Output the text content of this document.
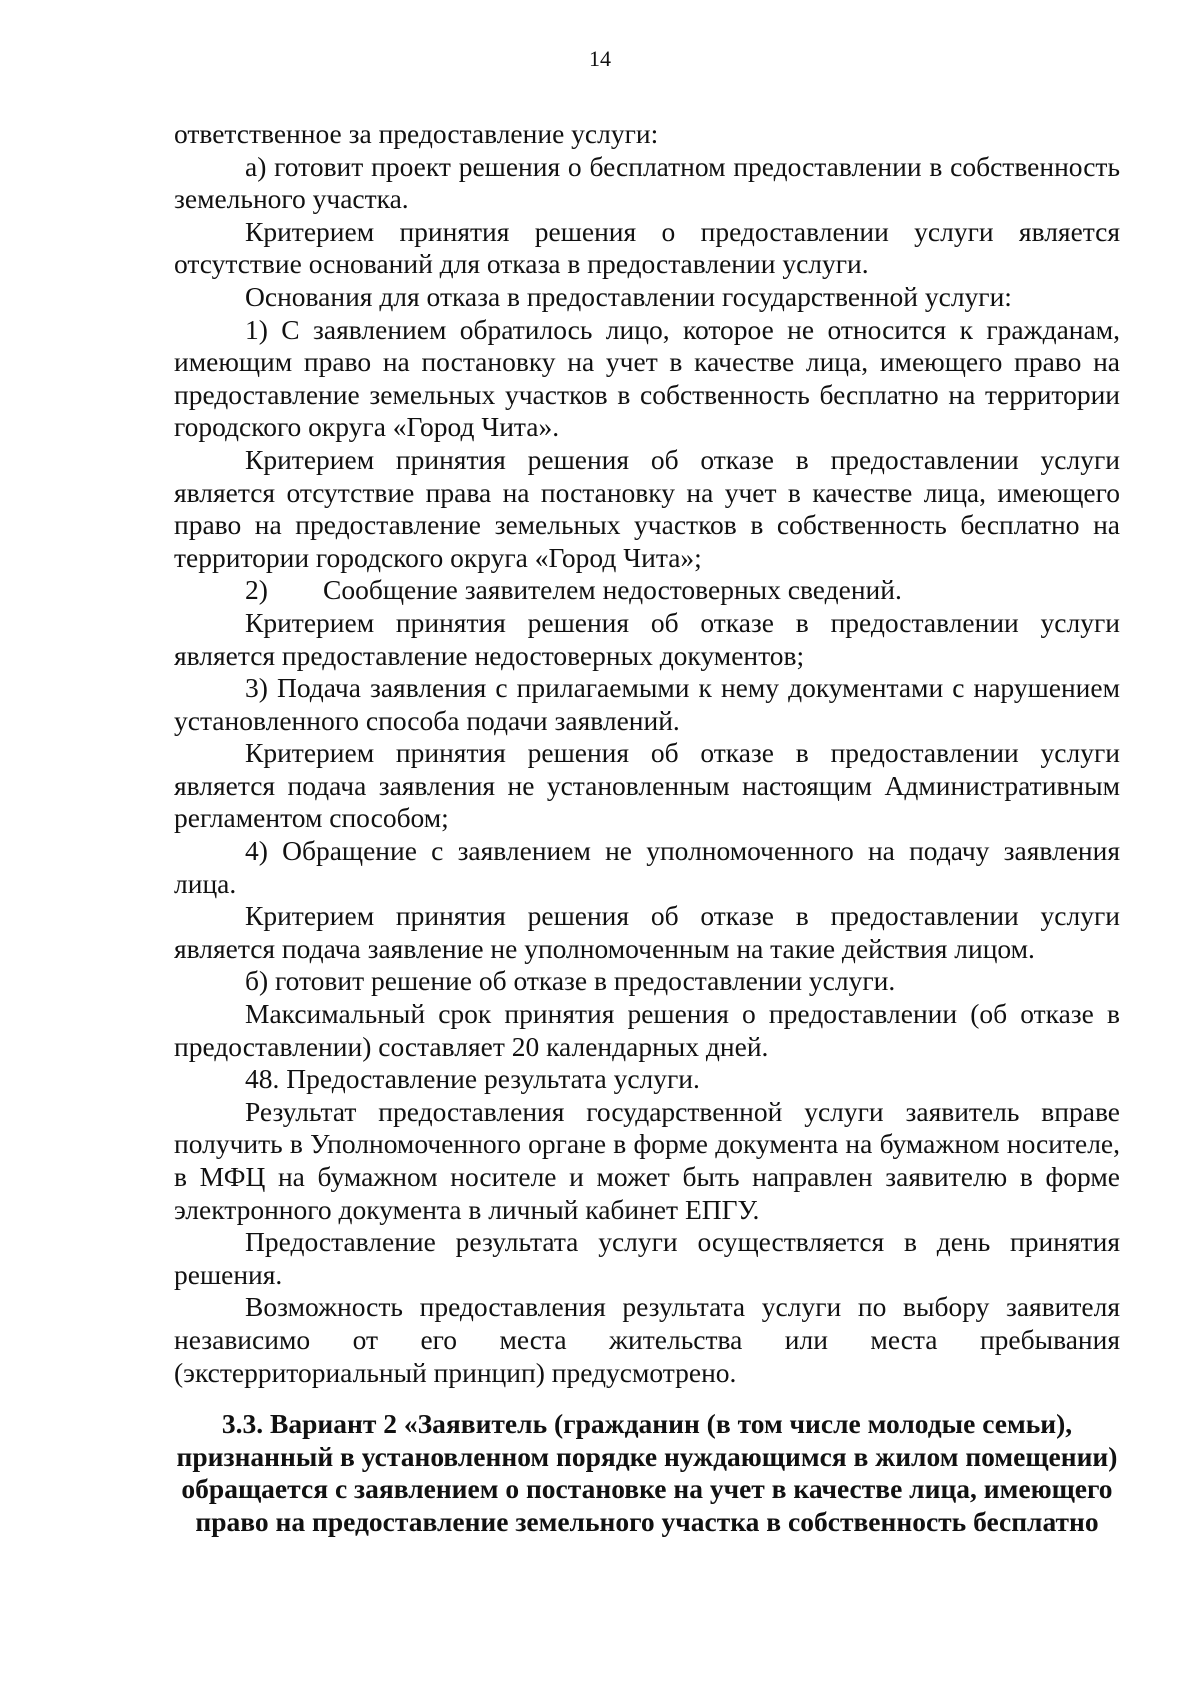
14

ответственное за предоставление услуги:

а) готовит проект решения о бесплатном предоставлении в собственность земельного участка.

Критерием принятия решения о предоставлении услуги является отсутствие оснований для отказа в предоставлении услуги.

Основания для отказа в предоставлении государственной услуги:

1) С заявлением обратилось лицо, которое не относится к гражданам, имеющим право на постановку на учет в качестве лица, имеющего право на предоставление земельных участков в собственность бесплатно на территории городского округа «Город Чита».

Критерием принятия решения об отказе в предоставлении услуги является отсутствие права на постановку на учет в качестве лица, имеющего право на предоставление земельных участков в собственность бесплатно на территории городского округа «Город Чита»;

2) Сообщение заявителем недостоверных сведений.

Критерием принятия решения об отказе в предоставлении услуги является предоставление недостоверных документов;

3) Подача заявления с прилагаемыми к нему документами с нарушением установленного способа подачи заявлений.

Критерием принятия решения об отказе в предоставлении услуги является подача заявления не установленным настоящим Административным регламентом способом;

4) Обращение с заявлением не уполномоченного на подачу заявления лица.

Критерием принятия решения об отказе в предоставлении услуги является подача заявление не уполномоченным на такие действия лицом.

б) готовит решение об отказе в предоставлении услуги.

Максимальный срок принятия решения о предоставлении (об отказе в предоставлении) составляет 20 календарных дней.

48. Предоставление результата услуги.

Результат предоставления государственной услуги заявитель вправе получить в Уполномоченного органе в форме документа на бумажном носителе, в МФЦ на бумажном носителе и может быть направлен заявителю в форме электронного документа в личный кабинет ЕПГУ.

Предоставление результата услуги осуществляется в день принятия решения.

Возможность предоставления результата услуги по выбору заявителя независимо от его места жительства или места пребывания (экстерриториальный принцип) предусмотрено.

3.3. Вариант 2 «Заявитель (гражданин (в том числе молодые семьи), признанный в установленном порядке нуждающимся в жилом помещении) обращается с заявлением о постановке на учет в качестве лица, имеющего право на предоставление земельного участка в собственность бесплатно
